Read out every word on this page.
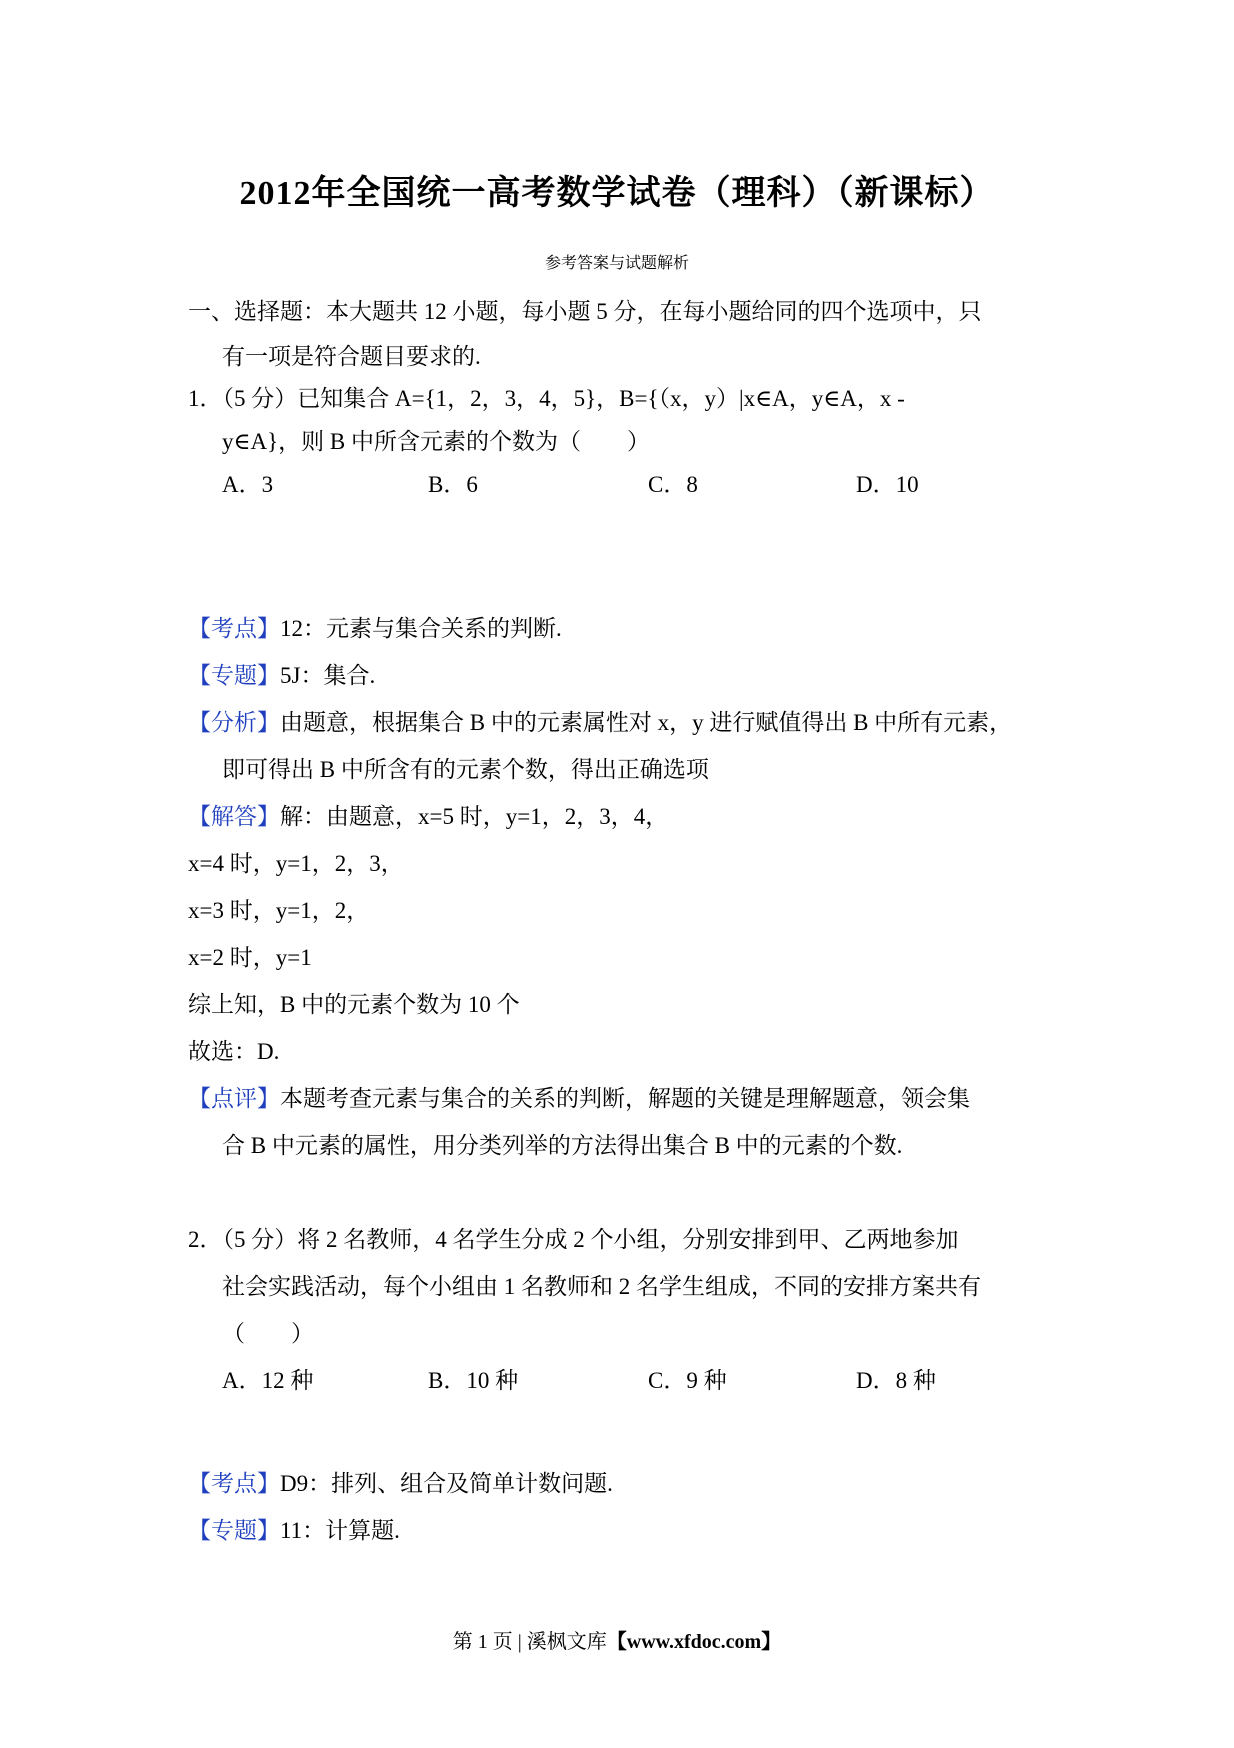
2012年全国统一高考数学试卷（理科）（新课标）
参考答案与试题解析
一、选择题：本大题共 12 小题，每小题 5 分，在每小题给同的四个选项中，只
有一项是符合题目要求的.
1．（5 分）已知集合 A={1，2，3，4，5}，B={（x，y）|x∈A，y∈A，x -
y∈A}，则 B 中所含元素的个数为（　　）
A．3	B．6	C．8	D．10
【考点】12：元素与集合关系的判断.
【专题】5J：集合.
【分析】由题意，根据集合 B 中的元素属性对 x，y 进行赋值得出 B 中所有元素，
即可得出 B 中所含有的元素个数，得出正确选项
【解答】解：由题意，x=5 时，y=1，2，3，4，
x=4 时，y=1，2，3，
x=3 时，y=1，2，
x=2 时，y=1
综上知，B 中的元素个数为 10 个
故选：D.
【点评】本题考查元素与集合的关系的判断，解题的关键是理解题意，领会集
合 B 中元素的属性，用分类列举的方法得出集合 B 中的元素的个数.
2．（5 分）将 2 名教师，4 名学生分成 2 个小组，分别安排到甲、乙两地参加
社会实践活动，每个小组由 1 名教师和 2 名学生组成，不同的安排方案共有
（　　）
A．12 种	B．10 种	C．9 种	D．8 种
【考点】D9：排列、组合及简单计数问题.
【专题】11：计算题.
第 1 页 | 溪枫文库【www.xfdoc.com】
